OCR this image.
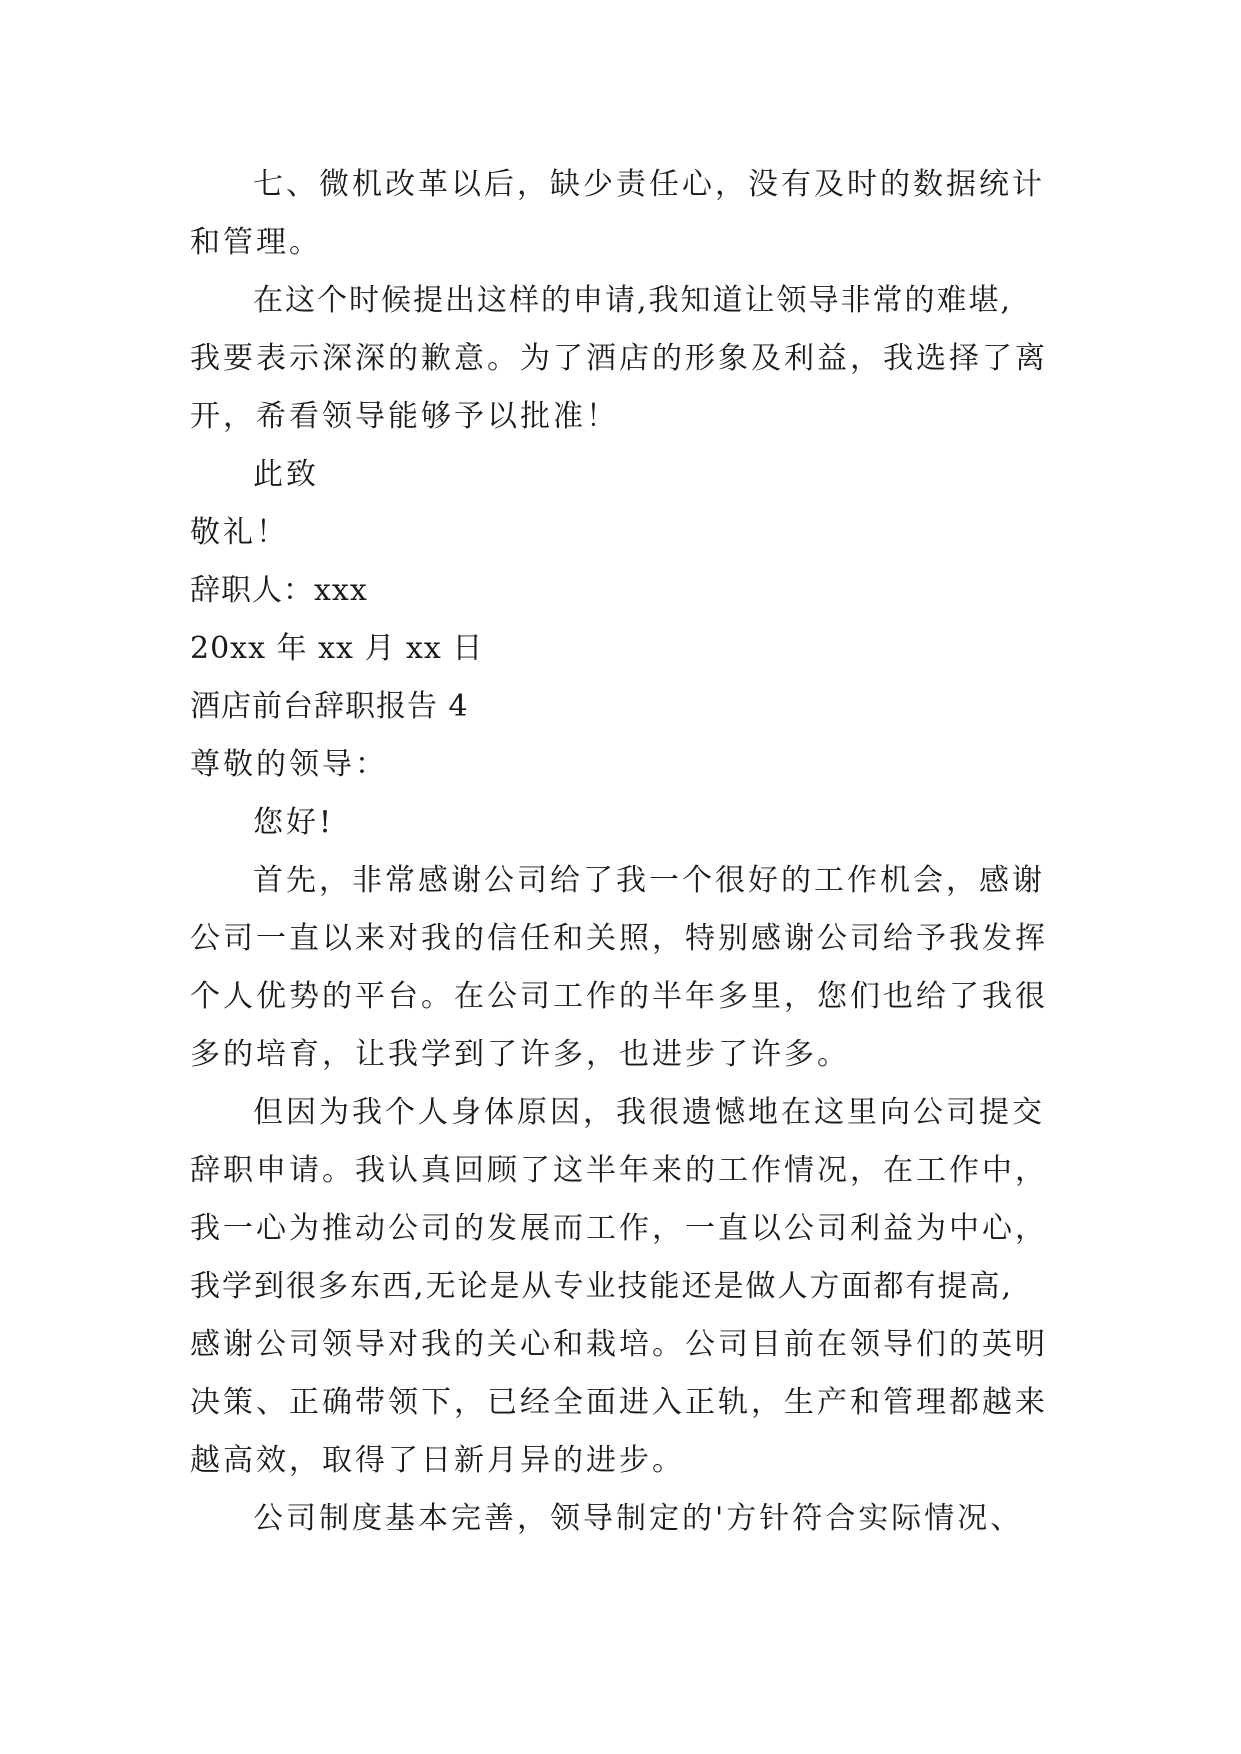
七、微机改革以后，缺少责任心，没有及时的数据统计
和管理。
在这个时候提出这样的申请,我知道让领导非常的难堪,
我要表示深深的歉意。为了酒店的形象及利益，我选择了离
开，希看领导能够予以批准！
此致
敬礼！
辞职人：xxx
20xx 年 xx 月 xx 日
酒店前台辞职报告 4
尊敬的领导：
您好!
首先，非常感谢公司给了我一个很好的工作机会，感谢
公司一直以来对我的信任和关照，特别感谢公司给予我发挥
个人优势的平台。在公司工作的半年多里，您们也给了我很
多的培育，让我学到了许多，也进步了许多。
但因为我个人身体原因，我很遗憾地在这里向公司提交
辞职申请。我认真回顾了这半年来的工作情况，在工作中，
我一心为推动公司的发展而工作，一直以公司利益为中心，
我学到很多东西,无论是从专业技能还是做人方面都有提高,
感谢公司领导对我的关心和栽培。公司目前在领导们的英明
决策、正确带领下，已经全面进入正轨，生产和管理都越来
越高效，取得了日新月异的进步。
公司制度基本完善，领导制定的'方针符合实际情况、
